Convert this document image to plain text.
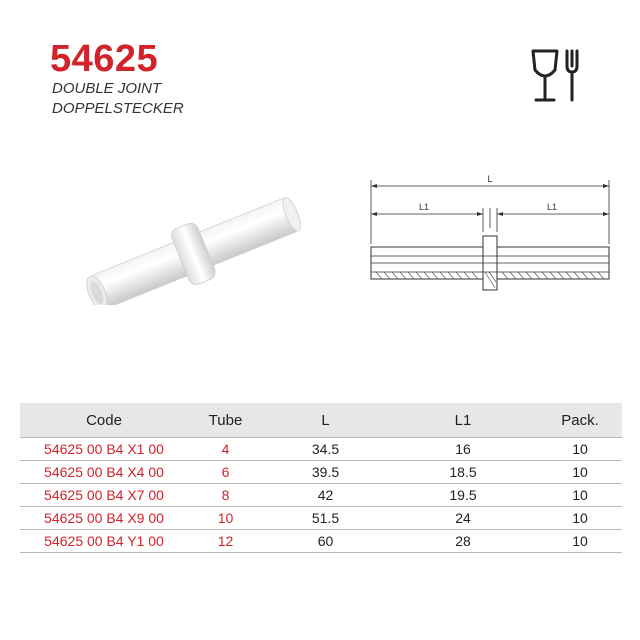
54625
DOUBLE JOINT
DOPPELSTECKER
L
L1	L1
Code	Tube	L	L1	Pack.
54625 00 B4 X1 00	4	34.5	16	10
54625 00 B4 X4 00	6	39.5	18.5	10
54625 00 B4 X7 00	8	42	19.5	10
54625 00 B4 X9 00	10	51.5	24	10
54625 00 B4 Y1 00	12	60	28	10
